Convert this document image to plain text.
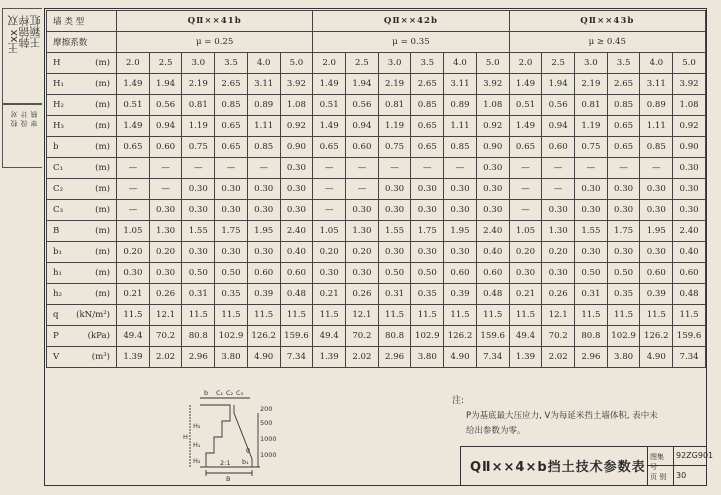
王xx 双
韩锦梓
王颖虹
校 对 设 计 审 核
墙 类 型	QⅡ××41b						QⅡ××42b						QⅡ××43b					
摩擦系数	μ = 0.25						μ = 0.35						μ ≥ 0.45					
H (m)	2.0	2.5	3.0	3.5	4.0	5.0	2.0	2.5	3.0	3.5	4.0	5.0	2.0	2.5	3.0	3.5	4.0	5.0
H₁ (m)	1.49	1.94	2.19	2.65	3.11	3.92	1.49	1.94	2.19	2.65	3.11	3.92	1.49	1.94	2.19	2.65	3.11	3.92
H₂ (m)	0.51	0.56	0.81	0.85	0.89	1.08	0.51	0.56	0.81	0.85	0.89	1.08	0.51	0.56	0.81	0.85	0.89	1.08
H₃ (m)	1.49	0.94	1.19	0.65	1.11	0.92	1.49	0.94	1.19	0.65	1.11	0.92	1.49	0.94	1.19	0.65	1.11	0.92
b (m)	0.65	0.60	0.75	0.65	0.85	0.90	0.65	0.60	0.75	0.65	0.85	0.90	0.65	0.60	0.75	0.65	0.85	0.90
C₁ (m)	—	—	—	—	—	0.30	—	—	—	—	—	0.30	—	—	—	—	—	0.30
C₂ (m)	—	—	0.30	0.30	0.30	0.30	—	—	0.30	0.30	0.30	0.30	—	—	0.30	0.30	0.30	0.30
C₃ (m)	—	0.30	0.30	0.30	0.30	0.30	—	0.30	0.30	0.30	0.30	0.30	—	0.30	0.30	0.30	0.30	0.30
B (m)	1.05	1.30	1.55	1.75	1.95	2.40	1.05	1.30	1.55	1.75	1.95	2.40	1.05	1.30	1.55	1.75	1.95	2.40
b₁ (m)	0.20	0.20	0.30	0.30	0.30	0.40	0.20	0.20	0.30	0.30	0.30	0.40	0.20	0.20	0.30	0.30	0.30	0.40
h₁ (m)	0.30	0.30	0.50	0.50	0.60	0.60	0.30	0.30	0.50	0.50	0.60	0.60	0.30	0.30	0.50	0.50	0.60	0.60
h₂ (m)	0.21	0.26	0.31	0.35	0.39	0.48	0.21	0.26	0.31	0.35	0.39	0.48	0.21	0.26	0.31	0.35	0.39	0.48
q (kN/m²)	11.5	12.1	11.5	11.5	11.5	11.5	11.5	12.1	11.5	11.5	11.5	11.5	11.5	12.1	11.5	11.5	11.5	11.5
P (kPa)	49.4	70.2	80.8	102.9	126.2	159.6	49.4	70.2	80.8	102.9	126.2	159.6	49.4	70.2	80.8	102.9	126.2	159.6
V (m³)	1.39	2.02	2.96	3.80	4.90	7.34	1.39	2.02	2.96	3.80	4.90	7.34	1.39	2.02	2.96	3.80	4.90	7.34
b C₁ C₂ C₃
H
H₃
H₁
H₂
B
b₁
200
500
1000
1000
2:1
θ
注:
P为基底最大压应力, V为每延米挡土墙体积, 表中未给出参数为零。
QⅡ××4×b挡土技术参数表
图集号
92ZG901
页 别	30
